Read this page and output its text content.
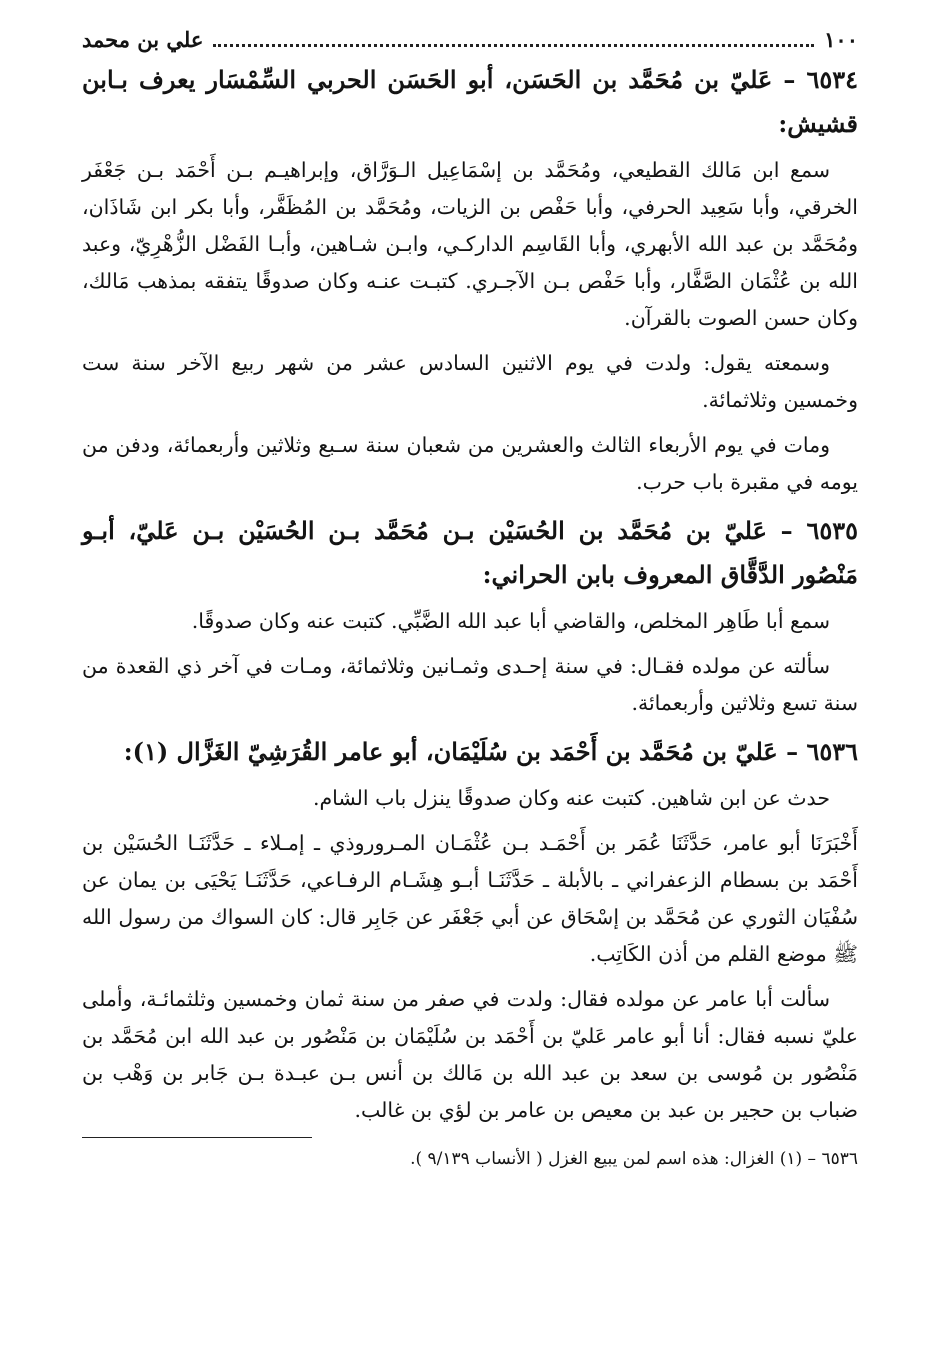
١٠٠
علي بن محمد
٦٥٣٤ – عَليّ بن مُحَمَّد بن الحَسَن، أبو الحَسَن الحربي السِّمْسَار يعرف بـابن قشيش:

سمع ابن مَالك القطيعي، ومُحَمَّد بن إسْمَاعِيل الـوَرَّاق، وإبراهيـم بـن أَحْمَد بـن جَعْفَر الخرقي، وأبا سَعِيد الحرفي، وأبا حَفْص بن الزيات، ومُحَمَّد بن المُظَفَّر، وأبا بكر ابن شَاذَان، ومُحَمَّد بن عبد الله الأبهري، وأبا القَاسِم الداركـي، وابـن شـاهين، وأبـا الفَضْل الزُّهْرِيّ، وعبد الله بن عُثْمَان الصَّفَّار، وأبا حَفْص بـن الآجـري. كتبـت عنـه وكان صدوقًا يتفقه بمذهب مَالك، وكان حسن الصوت بالقرآن.

وسمعته يقول: ولدت في يوم الاثنين السادس عشر من شهر ربيع الآخر سنة ست وخمسين وثلاثمائة.

ومات في يوم الأربعاء الثالث والعشرين من شعبان سنة سـبع وثلاثين وأربعمائة، ودفن من يومه في مقبرة باب حرب.

٦٥٣٥ – عَليّ بن مُحَمَّد بن الحُسَيْن بـن مُحَمَّد بـن الحُسَيْن بـن عَليّ، أبـو مَنْصُور الدَّقَّاق المعروف بابن الحراني:

سمع أبا طَاهِر المخلص، والقاضي أبا عبد الله الضَّبِّي. كتبت عنه وكان صدوقًا.

سألته عن مولده فقـال: في سنة إحـدى وثمـانين وثلاثمائة، ومـات في آخر ذي القعدة من سنة تسع وثلاثين وأربعمائة.

٦٥٣٦ – عَليّ بن مُحَمَّد بن أَحْمَد بن سُلَيْمَان، أبو عامر القُرَشِيّ الغَزَّال (١):

حدث عن ابن شاهين. كتبت عنه وكان صدوقًا ينزل باب الشام.

أَخْبَرَنَا أبو عامر، حَدَّثَنَا عُمَر بن أَحْمَـد بـن عُثْمَـان المـروروذي ـ إمـلاء ـ حَدَّثَنَـا الحُسَيْن بن أَحْمَد بن بسطام الزعفراني ـ بالأبلة ـ حَدَّثَنَـا أبـو هِشَـام الرفـاعي، حَدَّثَنَـا يَحْيَى بن يمان عن سُفْيَان الثوري عن مُحَمَّد بن إسْحَاق عن أبي جَعْفَر عن جَابِر قال: كان السواك من رسول الله ﷺ موضع القلم من أذن الكَاتِب.

سألت أبا عامر عن مولده فقال: ولدت في صفر من سنة ثمان وخمسين وثلثمائـة، وأملى عليّ نسبه فقال: أنا أبو عامر عَليّ بن أَحْمَد بن سُلَيْمَان بن مَنْصُور بن عبد الله ابن مُحَمَّد بن مَنْصُور بن مُوسى بن سعد بن عبد الله بن مَالك بن أنس بـن عبـدة بـن جَابر بن وَهْب بن ضباب بن حجير بن عبد بن معيص بن عامر بن لؤي بن غالب.

٦٥٣٦ – (١) الغزال: هذه اسم لمن يبيع الغزل ( الأنساب ٩/١٣٩ ).
